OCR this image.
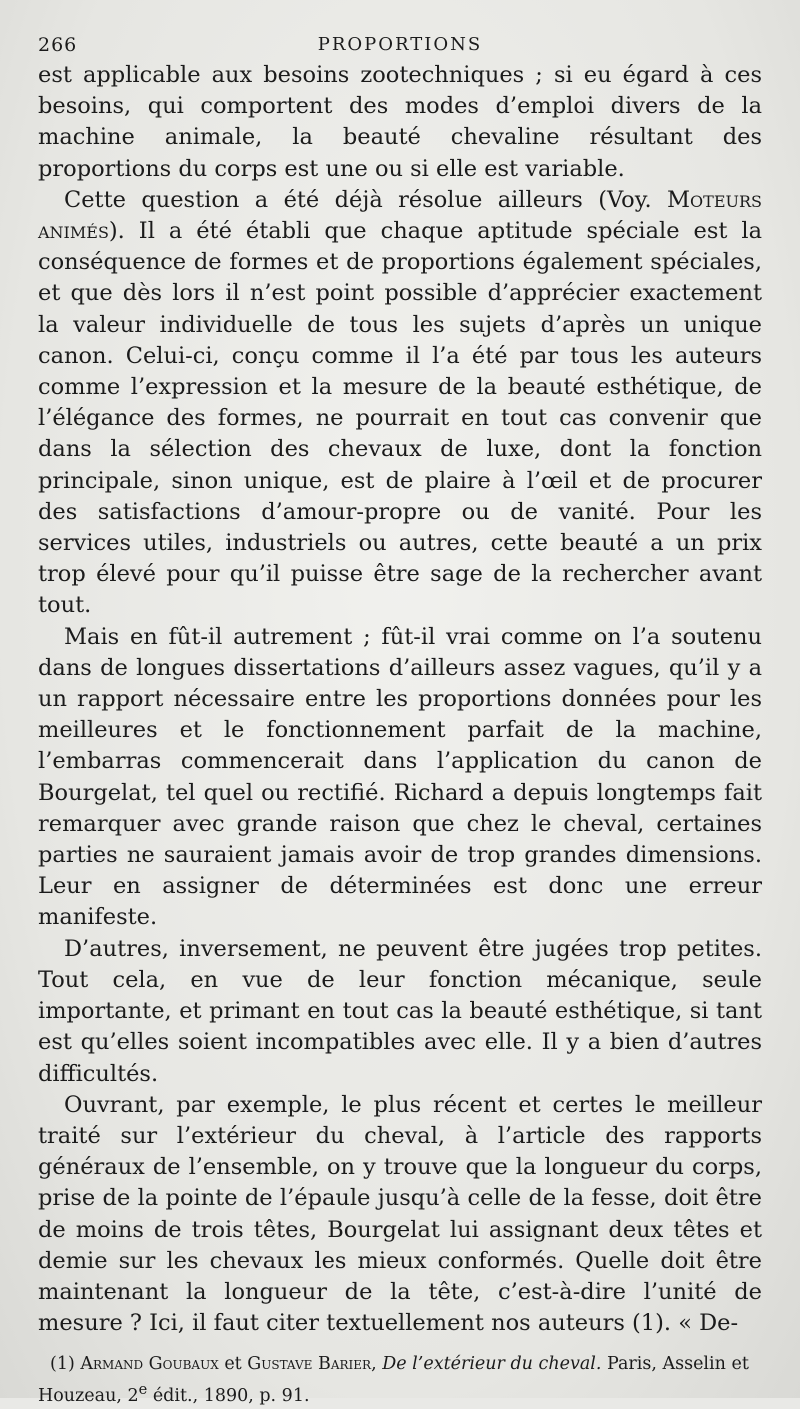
266	PROPORTIONS

est applicable aux besoins zootechniques ; si eu égard à ces besoins, qui comportent des modes d’emploi divers de la machine animale, la beauté chevaline résultant des proportions du corps est une ou si elle est variable.

Cette question a été déjà résolue ailleurs (Voy. Moteurs animés). Il a été établi que chaque aptitude spéciale est la conséquence de formes et de proportions également spéciales, et que dès lors il n’est point possible d’apprécier exactement la valeur individuelle de tous les sujets d’après un unique canon. Celui-ci, conçu comme il l’a été par tous les auteurs comme l’expression et la mesure de la beauté esthétique, de l’élégance des formes, ne pourrait en tout cas convenir que dans la sélection des chevaux de luxe, dont la fonction principale, sinon unique, est de plaire à l’œil et de procurer des satisfactions d’amour-propre ou de vanité. Pour les services utiles, industriels ou autres, cette beauté a un prix trop élevé pour qu’il puisse être sage de la rechercher avant tout.

Mais en fût-il autrement ; fût-il vrai comme on l’a soutenu dans de longues dissertations d’ailleurs assez vagues, qu’il y a un rapport nécessaire entre les proportions données pour les meilleures et le fonctionnement parfait de la machine, l’embarras commencerait dans l’application du canon de Bourgelat, tel quel ou rectifié. Richard a depuis longtemps fait remarquer avec grande raison que chez le cheval, certaines parties ne sauraient jamais avoir de trop grandes dimensions. Leur en assigner de déterminées est donc une erreur manifeste.

D’autres, inversement, ne peuvent être jugées trop petites. Tout cela, en vue de leur fonction mécanique, seule importante, et primant en tout cas la beauté esthétique, si tant est qu’elles soient incompatibles avec elle. Il y a bien d’autres difficultés.

Ouvrant, par exemple, le plus récent et certes le meilleur traité sur l’extérieur du cheval, à l’article des rapports généraux de l’ensemble, on y trouve que la longueur du corps, prise de la pointe de l’épaule jusqu’à celle de la fesse, doit être de moins de trois têtes, Bourgelat lui assignant deux têtes et demie sur les chevaux les mieux conformés. Quelle doit être maintenant la longueur de la tête, c’est-à-dire l’unité de mesure ? Ici, il faut citer textuellement nos auteurs (1). « De-

(1) Armand Goubaux et Gustave Barier, De l’extérieur du cheval. Paris, Asselin et Houzeau, 2e édit., 1890, p. 91.
